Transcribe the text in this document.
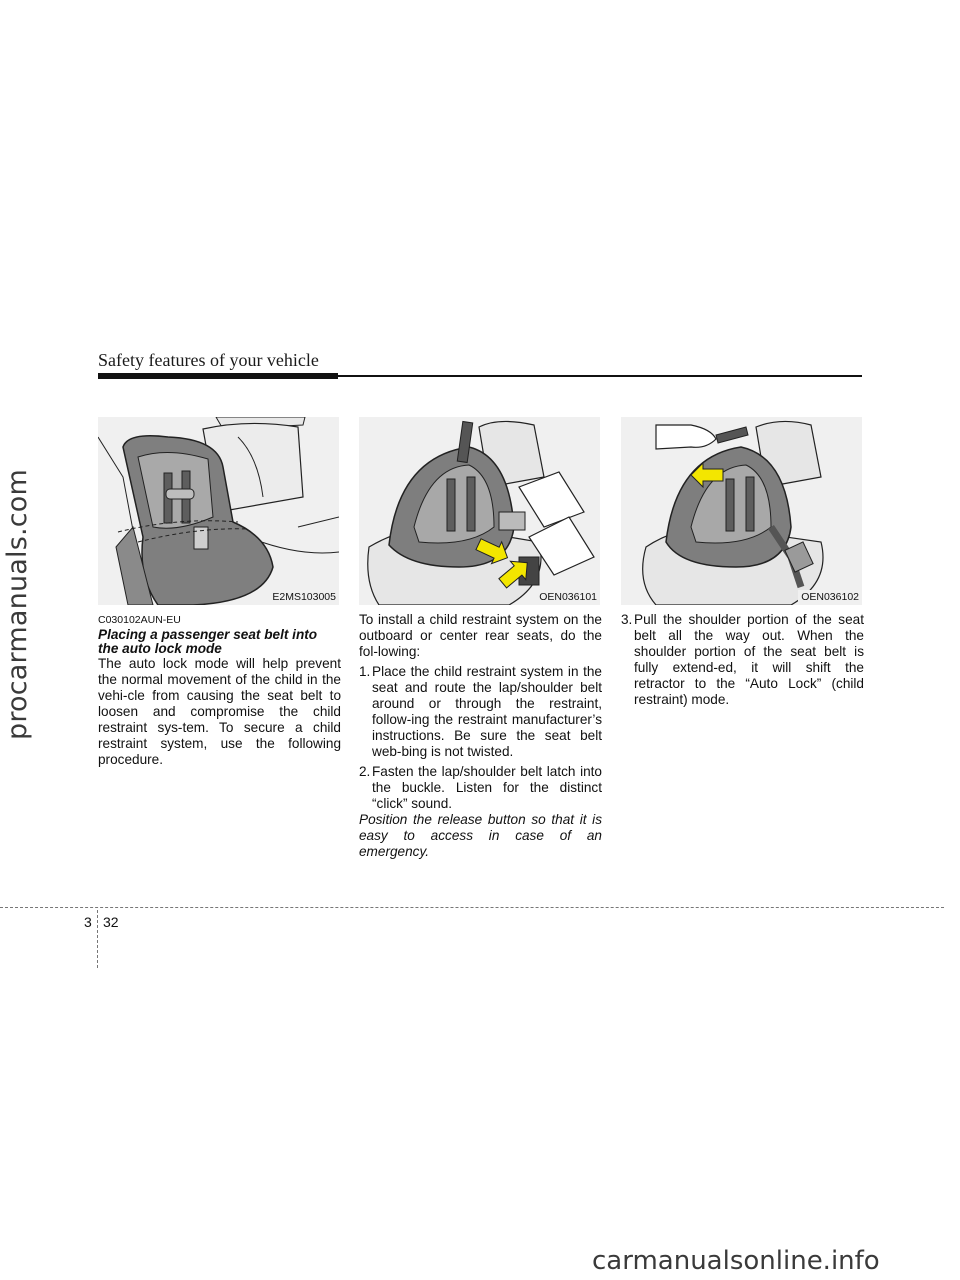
procarmanuals.com
Safety features of your vehicle
E2MS103005	OEN036101	OEN036102

C030102AUN-EU

Placing a passenger seat belt into the auto lock mode

The auto lock mode will help prevent the normal movement of the child in the vehi-cle from causing the seat belt to loosen and compromise the child restraint sys-tem. To secure a child restraint system, use the following procedure.

To install a child restraint system on the outboard or center rear seats, do the fol-lowing:

1. Place the child restraint system in the seat and route the lap/shoulder belt around or through the restraint, follow-ing the restraint manufacturer’s instructions. Be sure the seat belt web-bing is not twisted.
2. Fasten the lap/shoulder belt latch into the buckle. Listen for the distinct “click” sound.

Position the release button so that it is easy to access in case of an emergency.

3. Pull the shoulder portion of the seat belt all the way out. When the shoulder portion of the seat belt is fully extend-ed, it will shift the retractor to the “Auto Lock” (child restraint) mode.
3 32
carmanualsonline.info
